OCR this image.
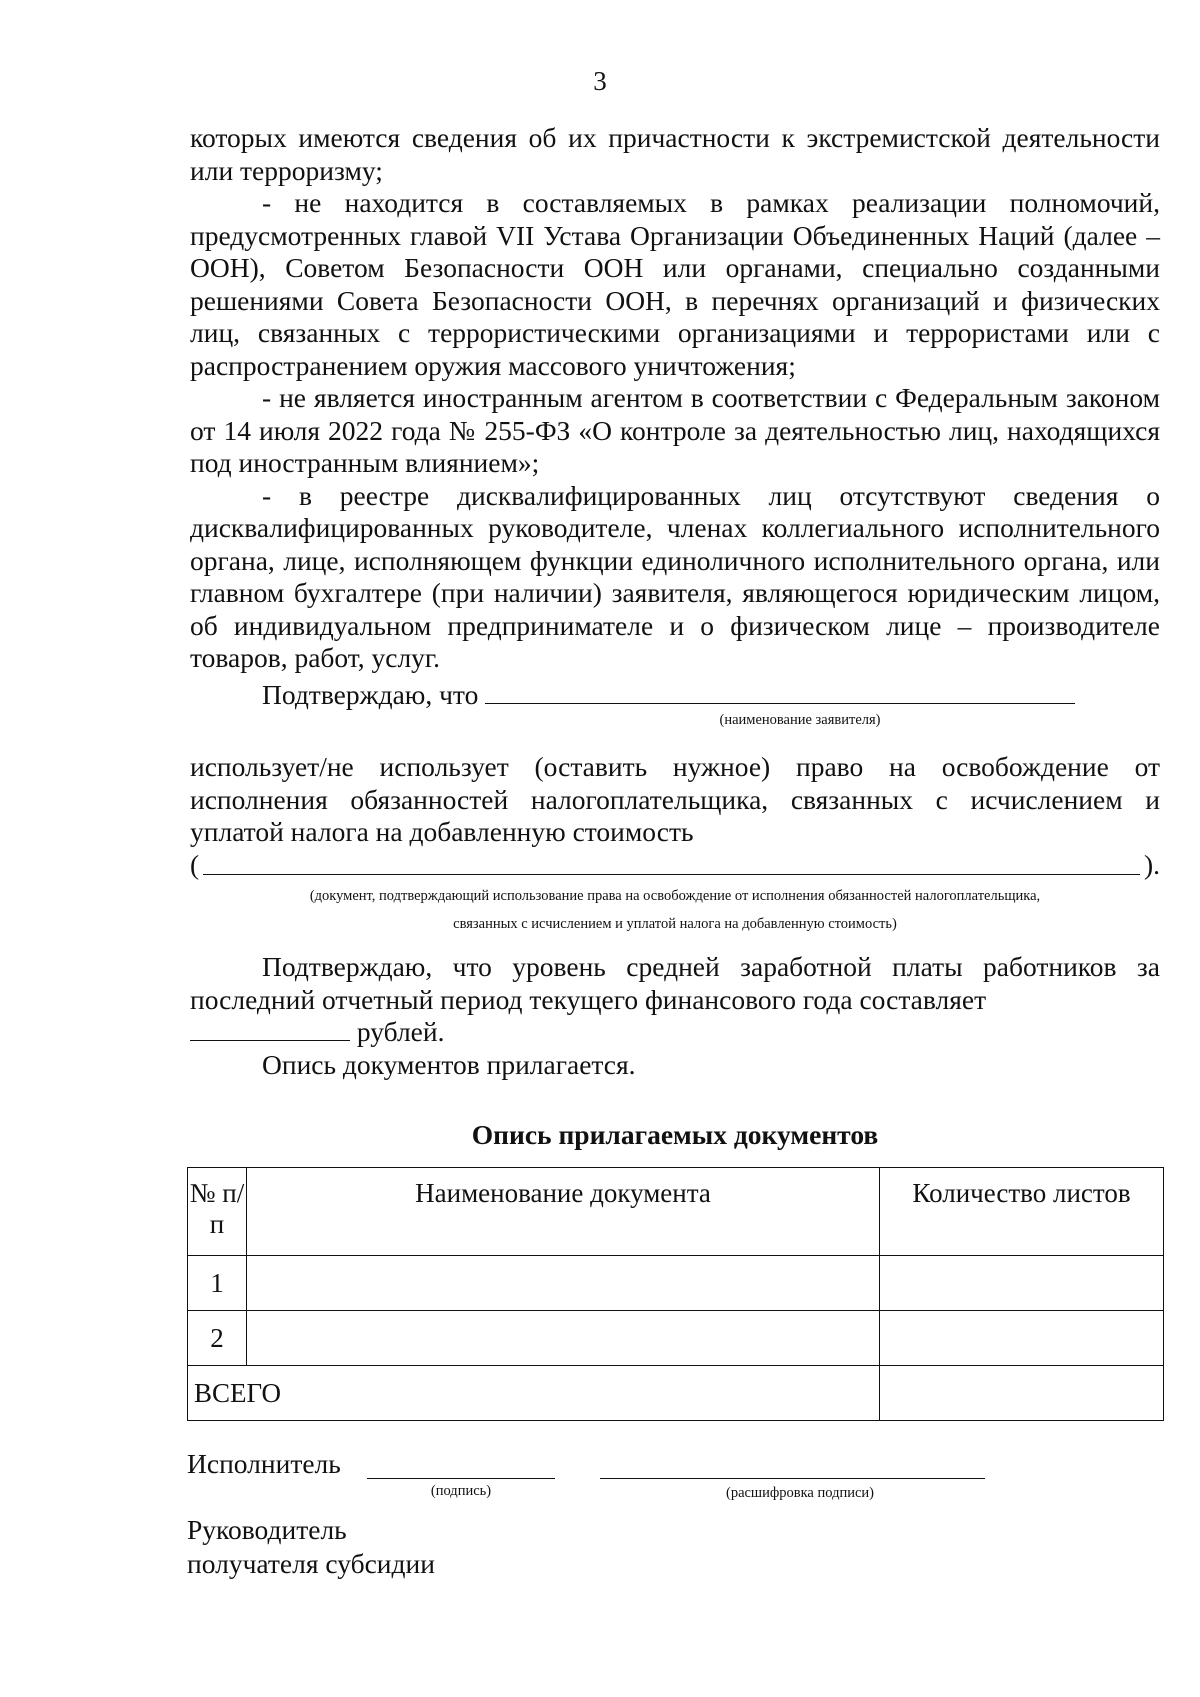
3

которых имеются сведения об их причастности к экстремистской деятельности или терроризму;

- не находится в составляемых в рамках реализации полномочий, предусмотренных главой VII Устава Организации Объединенных Наций (далее – ООН), Советом Безопасности ООН или органами, специально созданными решениями Совета Безопасности ООН, в перечнях организаций и физических лиц, связанных с террористическими организациями и террористами или с распространением оружия массового уничтожения;

- не является иностранным агентом в соответствии с Федеральным законом от 14 июля 2022 года № 255-ФЗ «О контроле за деятельностью лиц, находящихся под иностранным влиянием»;

- в реестре дисквалифицированных лиц отсутствуют сведения о дисквалифицированных руководителе, членах коллегиального исполнительного органа, лице, исполняющем функции единоличного исполнительного органа, или главном бухгалтере (при наличии) заявителя, являющегося юридическим лицом, об индивидуальном предпринимателе и о физическом лице – производителе товаров, работ, услуг.

Подтверждаю, что

(наименование заявителя)

использует/не использует (оставить нужное) право на освобождение от исполнения обязанностей налогоплательщика, связанных с исчислением и уплатой налога на добавленную стоимость

(	).
(документ, подтверждающий использование права на освобождение от исполнения обязанностей налогоплательщика,
связанных с исчислением и уплатой налога на добавленную стоимость)

Подтверждаю, что уровень средней заработной платы работников за последний отчетный период текущего финансового года составляет

рублей.

Опись документов прилагается.

Опись прилагаемых документов

№ п/п	Наименование документа	Количество листов
1		
2		
ВСЕГО		
Исполнитель
(подпись)	(расшифровка подписи)
Руководитель
получателя субсидии
